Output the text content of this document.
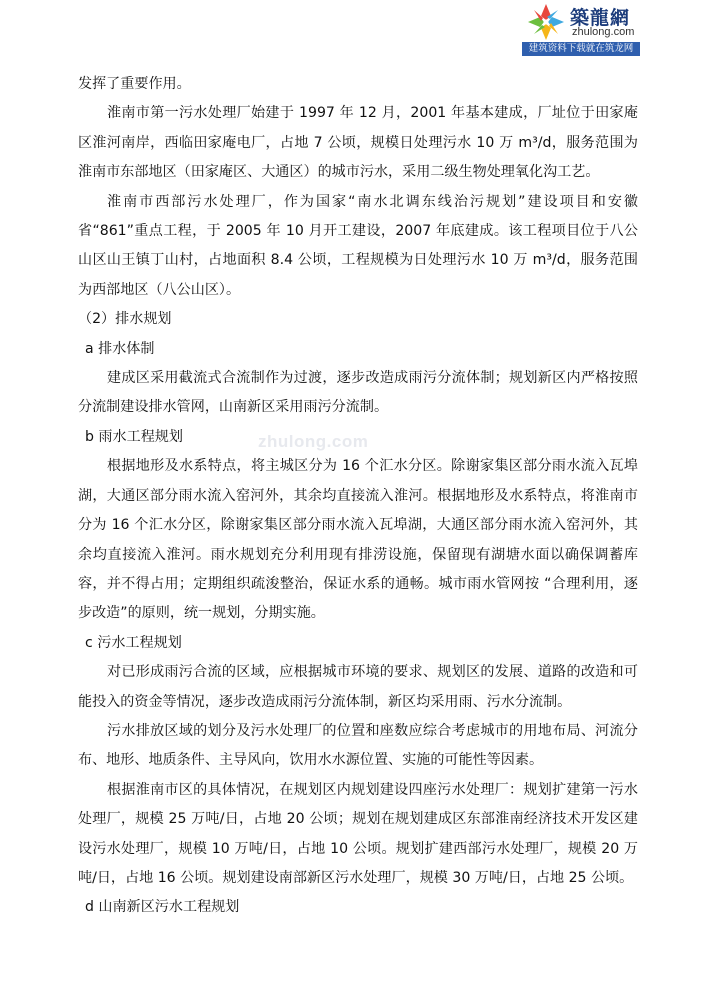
築龍網
zhulong.com
建筑资料下载就在筑龙网
zhulong.com

发挥了重要作用。

淮南市第一污水处理厂始建于 1997 年 12 月，2001 年基本建成，厂址位于田家庵区淮河南岸，西临田家庵电厂，占地 7 公顷，规模日处理污水 10 万 m³/d，服务范围为淮南市东部地区（田家庵区、大通区）的城市污水，采用二级生物处理氧化沟工艺。

淮南市西部污水处理厂，作为国家“南水北调东线治污规划”建设项目和安徽省“861”重点工程，于 2005 年 10 月开工建设，2007 年底建成。该工程项目位于八公山区山王镇丁山村，占地面积 8.4 公顷，工程规模为日处理污水 10 万 m³/d，服务范围为西部地区（八公山区）。

（2）排水规划

a 排水体制

建成区采用截流式合流制作为过渡，逐步改造成雨污分流体制；规划新区内严格按照分流制建设排水管网，山南新区采用雨污分流制。

b 雨水工程规划

根据地形及水系特点，将主城区分为 16 个汇水分区。除谢家集区部分雨水流入瓦埠湖，大通区部分雨水流入窑河外，其余均直接流入淮河。根据地形及水系特点，将淮南市分为 16 个汇水分区，除谢家集区部分雨水流入瓦埠湖，大通区部分雨水流入窑河外，其余均直接流入淮河。雨水规划充分利用现有排涝设施，保留现有湖塘水面以确保调蓄库容，并不得占用；定期组织疏浚整治，保证水系的通畅。城市雨水管网按 “合理利用，逐步改造”的原则，统一规划，分期实施。

c 污水工程规划

对已形成雨污合流的区域，应根据城市环境的要求、规划区的发展、道路的改造和可能投入的资金等情况，逐步改造成雨污分流体制，新区均采用雨、污水分流制。

污水排放区域的划分及污水处理厂的位置和座数应综合考虑城市的用地布局、河流分布、地形、地质条件、主导风向，饮用水水源位置、实施的可能性等因素。

根据淮南市区的具体情况，在规划区内规划建设四座污水处理厂：规划扩建第一污水处理厂，规模 25 万吨/日，占地 20 公顷；规划在规划建成区东部淮南经济技术开发区建设污水处理厂，规模 10 万吨/日，占地 10 公顷。规划扩建西部污水处理厂，规模 20 万吨/日，占地 16 公顷。规划建设南部新区污水处理厂，规模 30 万吨/日，占地 25 公顷。

d 山南新区污水工程规划
